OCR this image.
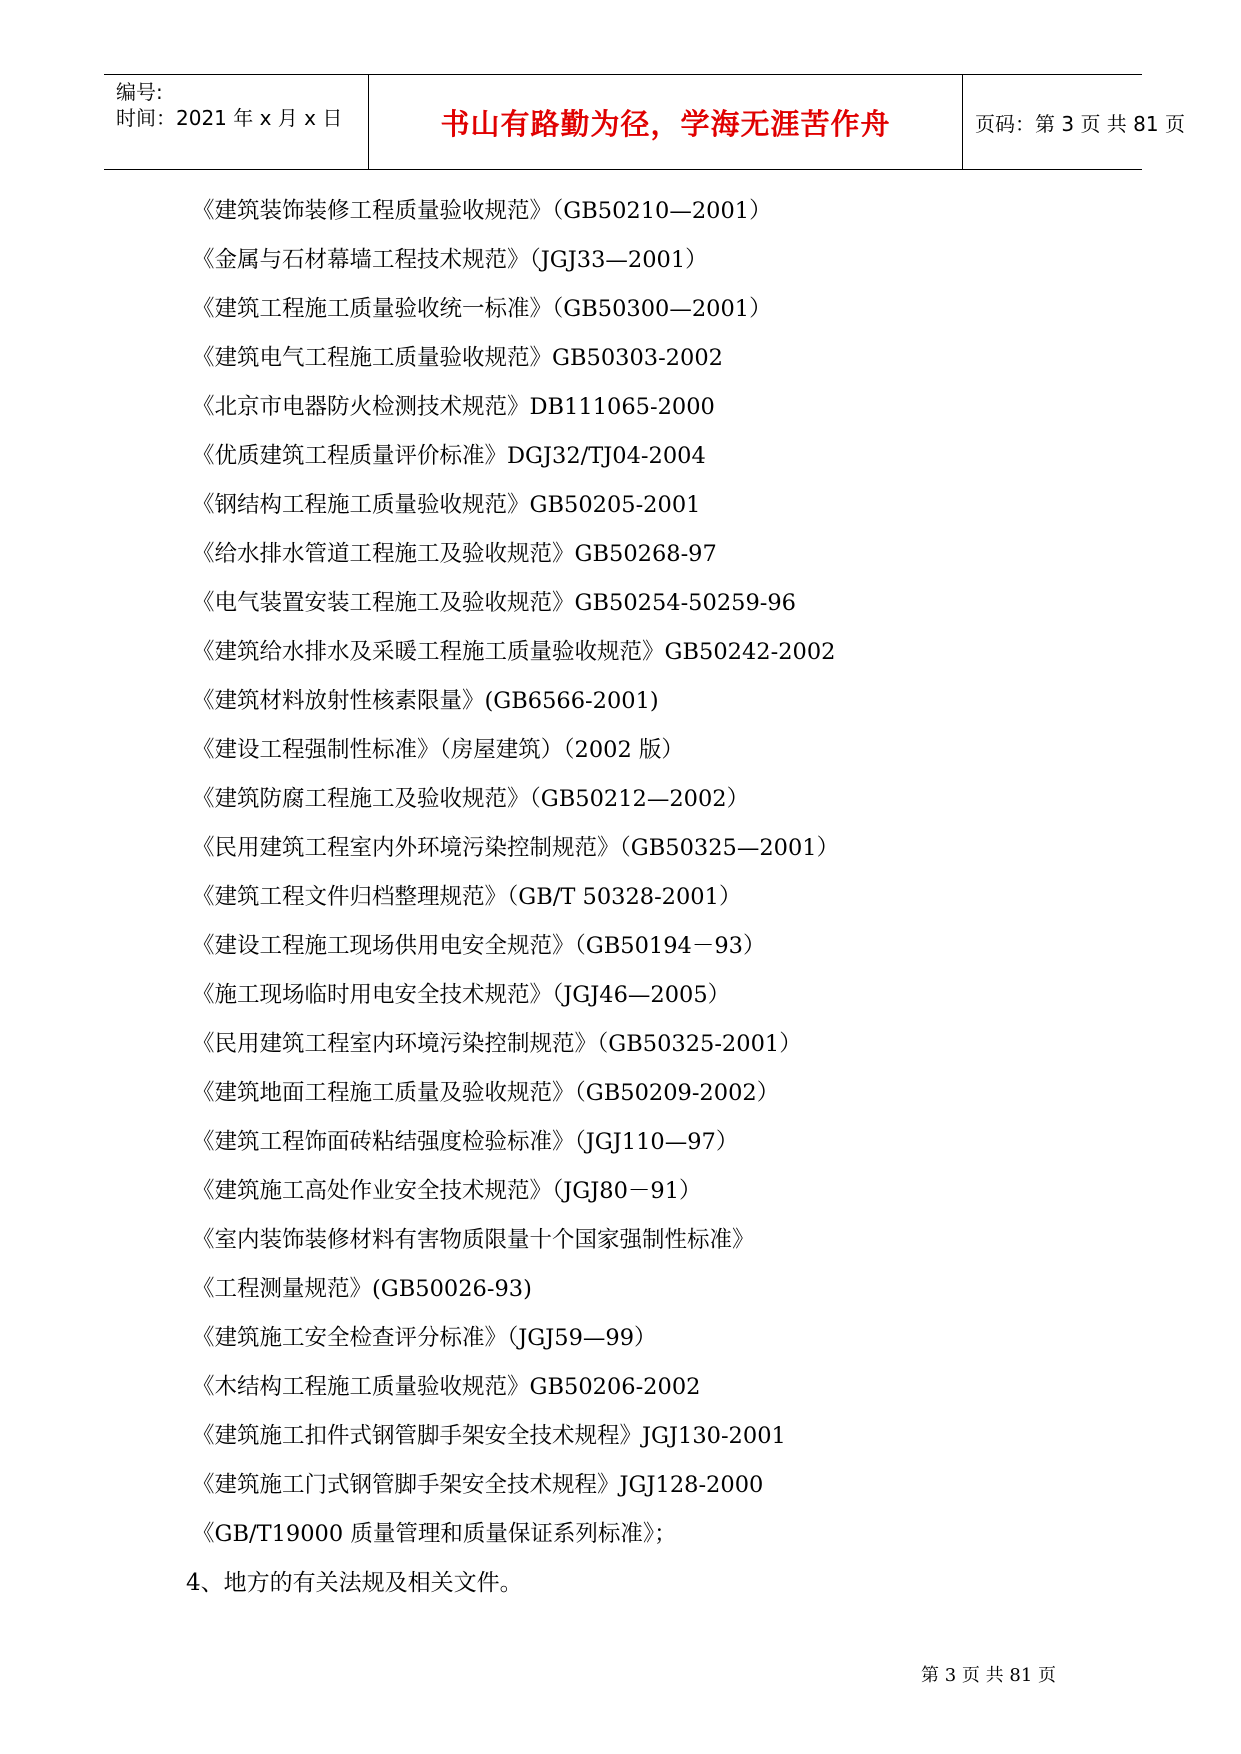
编号:
时间：2021 年 x 月 x 日	书山有路勤为径，学海无涯苦作舟	页码：第 3 页 共 81 页
《建筑装饰装修工程质量验收规范》（GB50210—2001）
《金属与石材幕墙工程技术规范》（JGJ33—2001）
《建筑工程施工质量验收统一标准》（GB50300—2001）
《建筑电气工程施工质量验收规范》GB50303-2002
《北京市电器防火检测技术规范》DB111065-2000
《优质建筑工程质量评价标准》DGJ32/TJ04-2004
《钢结构工程施工质量验收规范》GB50205-2001
《给水排水管道工程施工及验收规范》GB50268-97
《电气装置安装工程施工及验收规范》GB50254-50259-96
《建筑给水排水及采暖工程施工质量验收规范》GB50242-2002
《建筑材料放射性核素限量》(GB6566-2001)
《建设工程强制性标准》（房屋建筑）（2002 版）
《建筑防腐工程施工及验收规范》（GB50212—2002）
《民用建筑工程室内外环境污染控制规范》（GB50325—2001）
《建筑工程文件归档整理规范》（GB/T 50328-2001）
《建设工程施工现场供用电安全规范》（GB50194－93）
《施工现场临时用电安全技术规范》（JGJ46—2005）
《民用建筑工程室内环境污染控制规范》（GB50325-2001）
《建筑地面工程施工质量及验收规范》（GB50209-2002）
《建筑工程饰面砖粘结强度检验标准》（JGJ110—97）
《建筑施工高处作业安全技术规范》（JGJ80－91）
《室内装饰装修材料有害物质限量十个国家强制性标准》
《工程测量规范》(GB50026-93)
《建筑施工安全检查评分标准》（JGJ59—99）
《木结构工程施工质量验收规范》GB50206-2002
《建筑施工扣件式钢管脚手架安全技术规程》JGJ130-2001
《建筑施工门式钢管脚手架安全技术规程》JGJ128-2000
《GB/T19000 质量管理和质量保证系列标准》；
4、地方的有关法规及相关文件。
第 3 页 共 81 页
